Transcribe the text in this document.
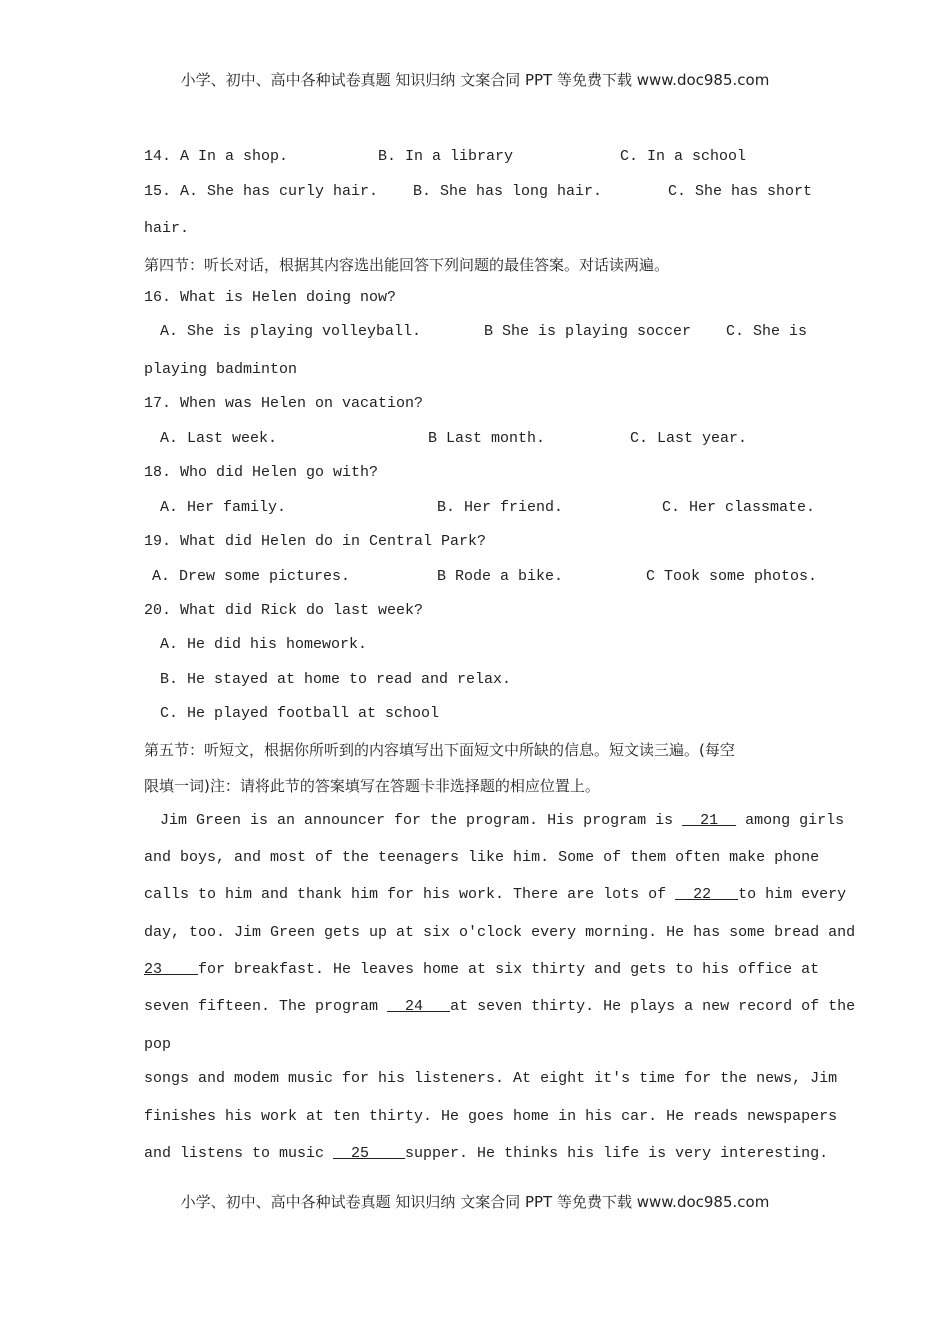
小学、初中、高中各种试卷真题 知识归纳 文案合同 PPT 等免费下载 www.doc985.com
14. A In a shop.	B. In a library	C. In a school
15. A. She has curly hair. B. She has long hair.	C. She has short
hair.
第四节：听长对话，根据其内容选出能回答下列问题的最佳答案。对话读两遍。
16. What is Helen doing now?
A. She is playing volleyball.	B She is playing soccer C. She is
playing badminton
17. When was Helen on vacation?
A. Last week.	B Last month.	C. Last year.
18. Who did Helen go with?
A. Her family.	B. Her friend.	C. Her classmate.
19. What did Helen do in Central Park?
A. Drew some pictures.	B Rode a bike.	C Took some photos.
20. What did Rick do last week?
A. He did his homework.
B. He stayed at home to read and relax.
C. He played football at school
第五节：听短文，根据你所听到的内容填写出下面短文中所缺的信息。短文读三遍。(每空
限填一词)注：请将此节的答案填写在答题卡非选择题的相应位置上。
Jim Green is an announcer for the program. His program is   21   among girls
and boys, and most of the teenagers like him. Some of them often make phone
calls to him and thank him for his work. There are lots of   22   to him every
day, too. Jim Green gets up at six o'clock every morning. He has some bread and
23    for breakfast. He leaves home at six thirty and gets to his office at
seven fifteen. The program   24   at seven thirty. He plays a new record of the
pop
songs and modem music for his listeners. At eight it's time for the news, Jim
finishes his work at ten thirty. He goes home in his car. He reads newspapers
and listens to music   25    supper. He thinks his life is very interesting.
小学、初中、高中各种试卷真题 知识归纳 文案合同 PPT 等免费下载 www.doc985.com
